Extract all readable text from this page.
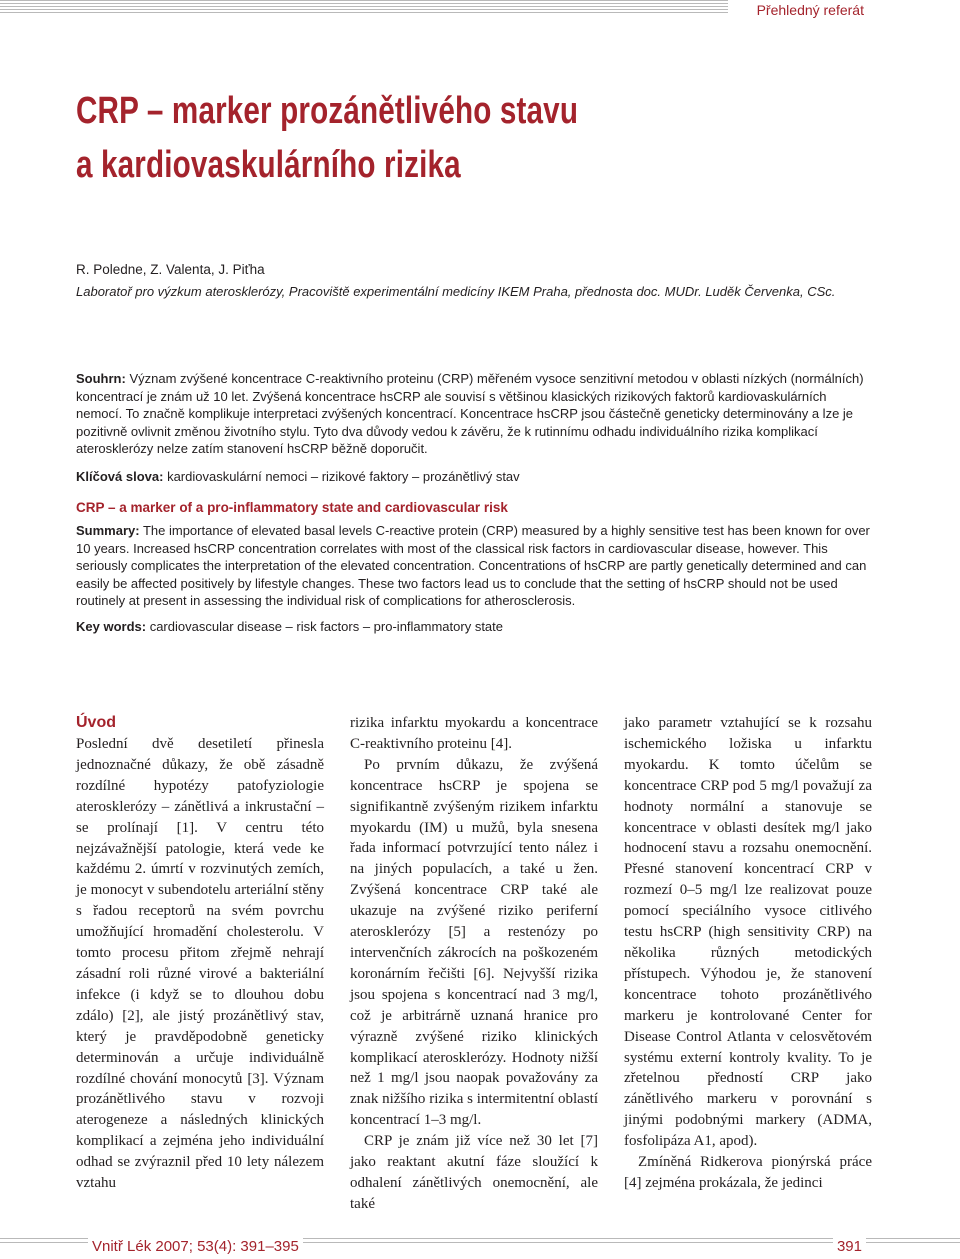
Přehledný referát
CRP – marker prozánětlivého stavu
a kardiovaskulárního rizika
R. Poledne, Z. Valenta, J. Piťha
Laboratoř pro výzkum aterosklerózy, Pracoviště experimentální medicíny IKEM Praha, přednosta doc. MUDr. Luděk Červenka, CSc.
Souhrn: Význam zvýšené koncentrace C-reaktivního proteinu (CRP) měřeném vysoce senzitivní metodou v oblasti nízkých (normálních) koncentrací je znám už 10 let. Zvýšená koncentrace hsCRP ale souvisí s většinou klasických rizikových faktorů kardiovaskulárních nemocí. To značně komplikuje interpretaci zvýšených koncentrací. Koncentrace hsCRP jsou částečně geneticky determinovány a lze je pozitivně ovlivnit změnou životního stylu. Tyto dva důvody vedou k závěru, že k rutinnímu odhadu individuálního rizika komplikací aterosklerózy nelze zatím stanovení hsCRP běžně doporučit.
Klíčová slova: kardiovaskulární nemoci – rizikové faktory – prozánětlivý stav
CRP – a marker of a pro-inflammatory state and cardiovascular risk
Summary: The importance of elevated basal levels C-reactive protein (CRP) measured by a highly sensitive test has been known for over 10 years. Increased hsCRP concentration correlates with most of the classical risk factors in cardiovascular disease, however. This seriously complicates the interpretation of the elevated concentration. Concentrations of hsCRP are partly genetically determined and can easily be affected positively by lifestyle changes. These two factors lead us to conclude that the setting of hsCRP should not be used routinely at present in assessing the individual risk of complications for atherosclerosis.
Key words: cardiovascular disease – risk factors – pro-inflammatory state
Úvod

Poslední dvě desetiletí přinesla jednoznačné důkazy, že obě zásadně rozdílné hypotézy patofyziologie aterosklerózy – zánětlivá a inkrustační – se prolínají [1]. V centru této nejzávažnější patologie, která vede ke každému 2. úmrtí v rozvinutých zemích, je monocyt v subendotelu arteriální stěny s řadou receptorů na svém povrchu umožňující hromadění cholesterolu. V tomto procesu přitom zřejmě nehrají zásadní roli různé virové a bakteriální infekce (i když se to dlouhou dobu zdálo) [2], ale jistý prozánětlivý stav, který je pravděpodobně geneticky determinován a určuje individuálně rozdílné chování monocytů [3]. Význam prozánětlivého stavu v rozvoji aterogeneze a následných klinických komplikací a zejména jeho individuální odhad se zvýraznil před 10 lety nálezem vztahu

rizika infarktu myokardu a koncentrace C-reaktivního proteinu [4].

Po prvním důkazu, že zvýšená koncentrace hsCRP je spojena se signifikantně zvýšeným rizikem infarktu myokardu (IM) u mužů, byla snesena řada informací potvrzující tento nález i na jiných populacích, a také u žen. Zvýšená koncentrace CRP také ale ukazuje na zvýšené riziko periferní aterosklerózy [5] a restenózy po intervenčních zákrocích na poškozeném koronárním řečišti [6]. Nejvyšší rizika jsou spojena s koncentrací nad 3 mg/l, což je arbitrárně uznaná hranice pro výrazně zvýšené riziko klinických komplikací aterosklerózy. Hodnoty nižší než 1 mg/l jsou naopak považovány za znak nižšího rizika s intermitentní oblastí koncentrací 1–3 mg/l.

CRP je znám již více než 30 let [7] jako reaktant akutní fáze sloužící k odhalení zánětlivých onemocnění, ale také

jako parametr vztahující se k rozsahu ischemického ložiska u infarktu myokardu. K tomto účelům se koncentrace CRP pod 5 mg/l považují za hodnoty normální a stanovuje se koncentrace v oblasti desítek mg/l jako hodnocení stavu a rozsahu onemocnění. Přesné stanovení koncentrací CRP v rozmezí 0–5 mg/l lze realizovat pouze pomocí speciálního vysoce citlivého testu hsCRP (high sensitivity CRP) na několika různých metodických přístupech. Výhodou je, že stanovení koncentrace tohoto prozánětlivého markeru je kontrolované Center for Disease Control Atlanta v celosvětovém systému externí kontroly kvality. To je zřetelnou předností CRP jako zánětlivého markeru v porovnání s jinými podobnými markery (ADMA, fosfolipáza A1, apod).

Zmíněná Ridkerova pionýrská práce [4] zejména prokázala, že jedinci

Vnitř Lék 2007; 53(4): 391–395	391
